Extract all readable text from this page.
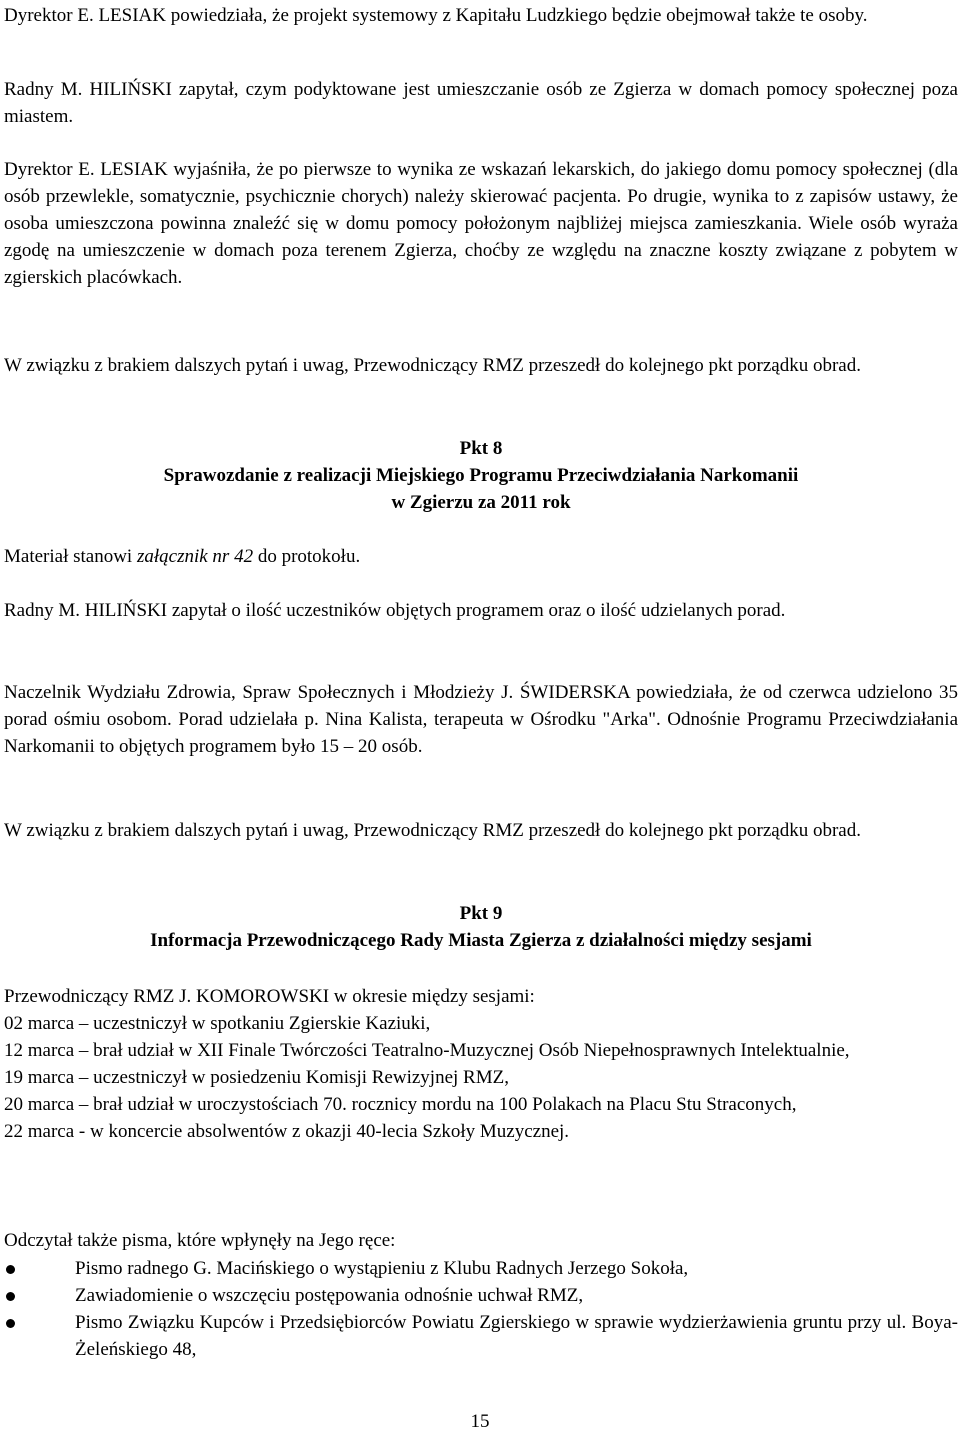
Dyrektor E. LESIAK powiedziała, że projekt systemowy z Kapitału Ludzkiego będzie obejmował także te osoby.

Radny M. HILIŃSKI zapytał, czym podyktowane jest umieszczanie osób ze Zgierza w domach pomocy społecznej poza miastem.

Dyrektor E. LESIAK wyjaśniła, że po pierwsze to wynika ze wskazań lekarskich, do jakiego domu pomocy społecznej (dla osób przewlekle, somatycznie, psychicznie chorych) należy skierować pacjenta. Po drugie, wynika to z zapisów ustawy, że osoba umieszczona powinna znaleźć się w domu pomocy położonym najbliżej miejsca zamieszkania. Wiele osób wyraża zgodę na umieszczenie w domach poza terenem Zgierza, choćby ze względu na znaczne koszty związane z pobytem w zgierskich placówkach.

W związku z brakiem dalszych pytań i uwag, Przewodniczący RMZ przeszedł do kolejnego pkt porządku obrad.

Pkt 8
Sprawozdanie z realizacji Miejskiego Programu Przeciwdziałania Narkomanii
w Zgierzu za 2011 rok

Materiał stanowi załącznik nr 42 do protokołu.

Radny M. HILIŃSKI zapytał o ilość uczestników objętych programem oraz o ilość udzielanych porad.

Naczelnik Wydziału Zdrowia, Spraw Społecznych i Młodzieży J. ŚWIDERSKA powiedziała, że od czerwca udzielono 35 porad ośmiu osobom. Porad udzielała p. Nina Kalista, terapeuta w Ośrodku "Arka". Odnośnie Programu Przeciwdziałania Narkomanii to objętych programem było 15 – 20 osób.

W związku z brakiem dalszych pytań i uwag, Przewodniczący RMZ przeszedł do kolejnego pkt porządku obrad.

Pkt 9
Informacja Przewodniczącego Rady Miasta Zgierza z działalności między sesjami

Przewodniczący RMZ J. KOMOROWSKI w okresie między sesjami:

02 marca – uczestniczył w spotkaniu Zgierskie Kaziuki,
12 marca – brał udział w XII Finale Twórczości Teatralno-Muzycznej Osób Niepełnosprawnych Intelektualnie,
19 marca – uczestniczył w posiedzeniu Komisji Rewizyjnej RMZ,
20 marca – brał udział w uroczystościach 70. rocznicy mordu na 100 Polakach na Placu Stu Straconych,
22 marca - w koncercie absolwentów z okazji 40-lecia Szkoły Muzycznej.

Odczytał także pisma, które wpłynęły na Jego ręce:

Pismo radnego G. Macińskiego o wystąpieniu z Klubu Radnych Jerzego Sokoła,
Zawiadomienie o wszczęciu postępowania odnośnie uchwał RMZ,
Pismo Związku Kupców i Przedsiębiorców Powiatu Zgierskiego w sprawie wydzierżawienia gruntu przy ul. Boya-Żeleńskiego 48,
15
